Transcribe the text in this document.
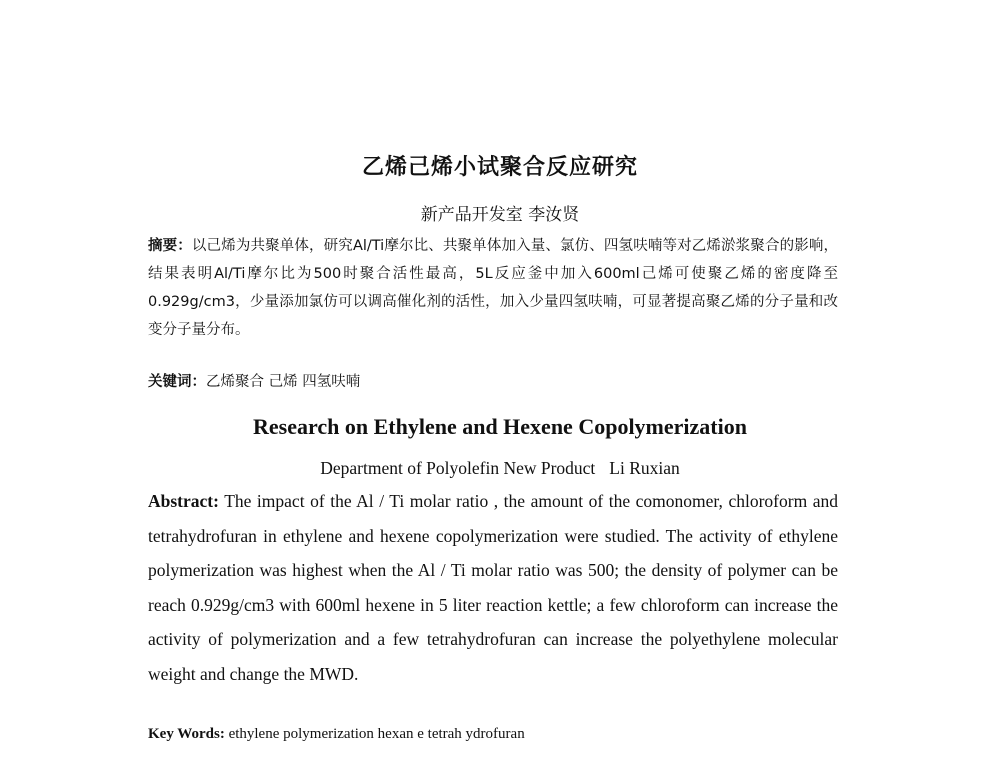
乙烯己烯小试聚合反应研究
新产品开发室 李汝贤
摘要：以己烯为共聚单体，研究Al/Ti摩尔比、共聚单体加入量、氯仿、四氢呋喃等对乙烯淤浆聚合的影响，结果表明Al/Ti摩尔比为500时聚合活性最高，5L反应釜中加入600ml己烯可使聚乙烯的密度降至0.929g/cm3，少量添加氯仿可以调高催化剂的活性，加入少量四氢呋喃，可显著提高聚乙烯的分子量和改变分子量分布。
关键词：乙烯聚合 己烯 四氢呋喃
Research on Ethylene and Hexene Copolymerization
Department of Polyolefin New Product Li Ruxian
Abstract: The impact of the Al / Ti molar ratio , the amount of the comonomer, chloroform and tetrahydrofuran in ethylene and hexene copolymerization were studied. The activity of ethylene polymerization was highest when the Al / Ti molar ratio was 500; the density of polymer can be reach 0.929g/cm3 with 600ml hexene in 5 liter reaction kettle; a few chloroform can increase the activity of polymerization and a few tetrahydrofuran can increase the polyethylene molecular weight and change the MWD.
Key Words: ethylene polymerization hexan e tetrah ydrofuran
